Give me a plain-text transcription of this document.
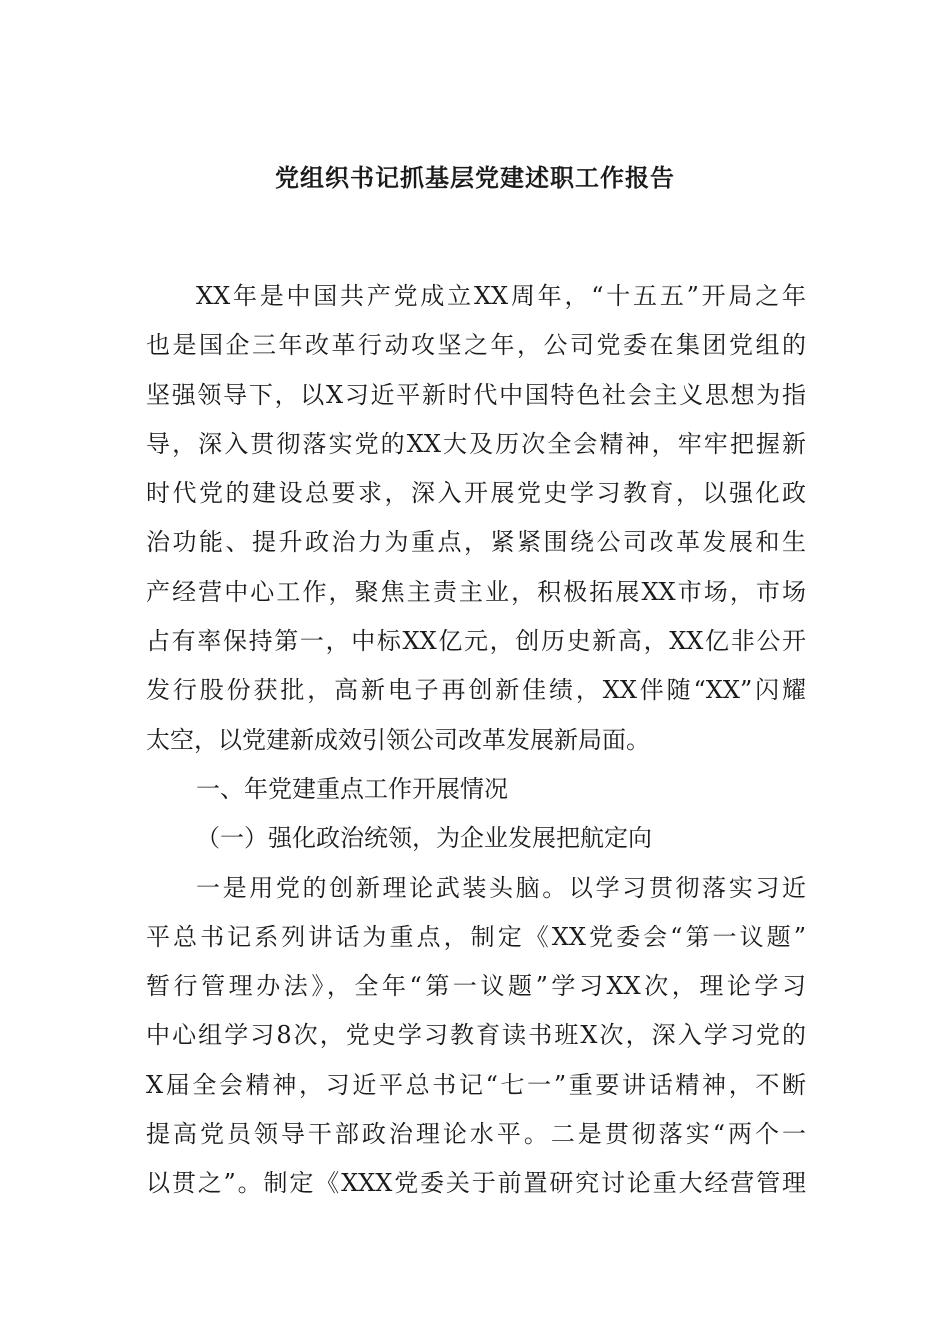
党组织书记抓基层党建述职工作报告
XX年是中国共产党成立XX周年，“十五五”开局之年
也是国企三年改革行动攻坚之年，公司党委在集团党组的
坚强领导下，以X习近平新时代中国特色社会主义思想为指
导，深入贯彻落实党的XX大及历次全会精神，牢牢把握新
时代党的建设总要求，深入开展党史学习教育，以强化政
治功能、提升政治力为重点，紧紧围绕公司改革发展和生
产经营中心工作，聚焦主责主业，积极拓展XX市场，市场
占有率保持第一，中标XX亿元，创历史新高，XX亿非公开
发行股份获批，高新电子再创新佳绩，XX伴随“XX”闪耀
太空，以党建新成效引领公司改革发展新局面。
一、年党建重点工作开展情况
（一）强化政治统领，为企业发展把航定向
一是用党的创新理论武装头脑。以学习贯彻落实习近
平总书记系列讲话为重点，制定《XX党委会“第一议题”
暂行管理办法》，全年“第一议题”学习XX次，理论学习
中心组学习8次，党史学习教育读书班X次，深入学习党的
X届全会精神，习近平总书记“七一”重要讲话精神，不断
提高党员领导干部政治理论水平。二是贯彻落实“两个一
以贯之”。制定《XXX党委关于前置研究讨论重大经营管理
